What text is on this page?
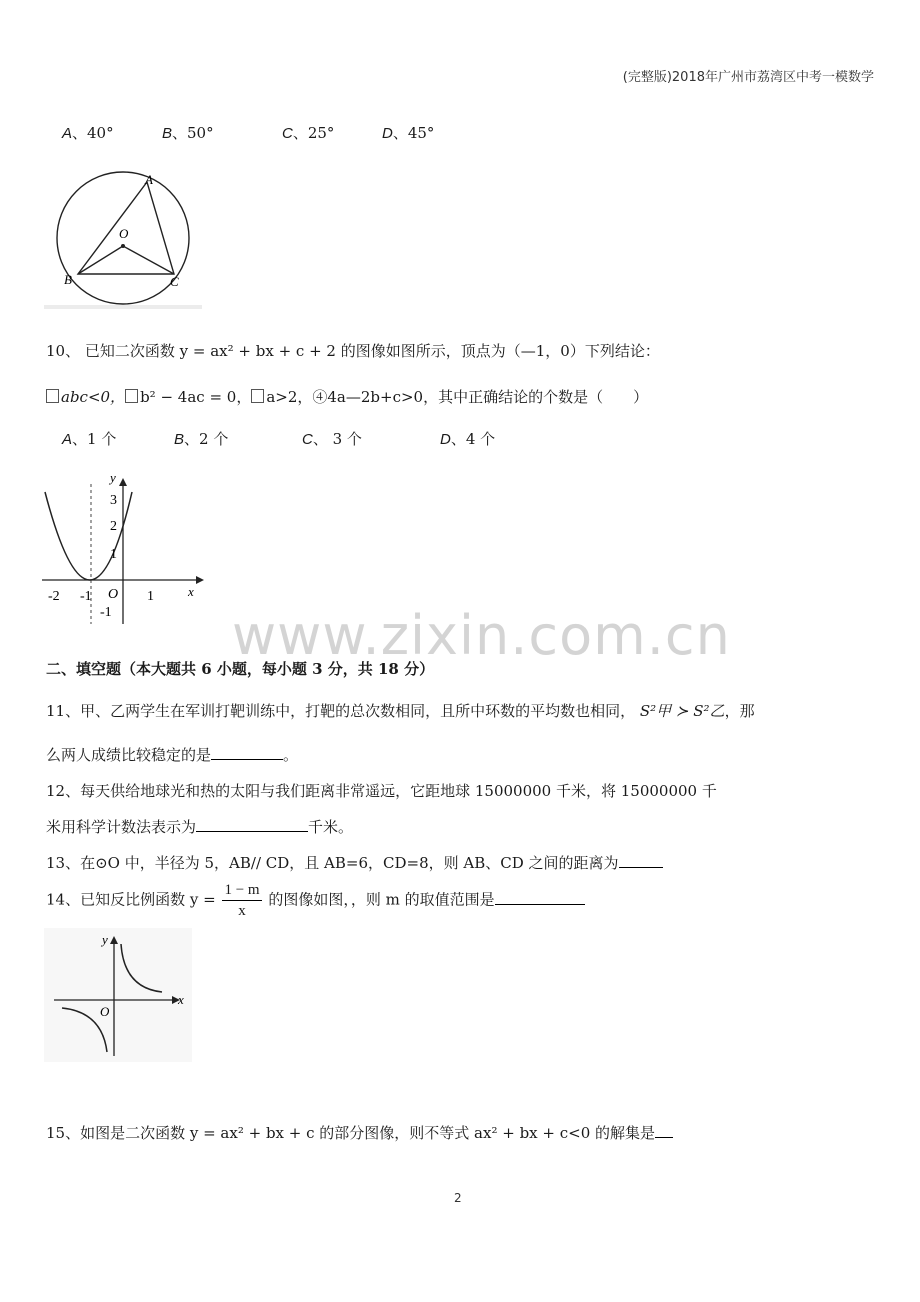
(完整版)2018年广州市荔湾区中考一模数学
A、40°	B、50°	C、25°	D、45°
A
O
B	C
10、 已知二次函数 y = ax² + bx + c + 2 的图像如图所示，顶点为（—1，0）下列结论：
abc<0， b² − 4ac = 0， a>2，④4a—2b+c>0，其中正确结论的个数是（　　）
A、1 个	B、2 个	C、 3 个	D、4 个
y
x
3
2
1
-1
-2 -1	1
O
www.zixin.com.cn
二、填空题（本大题共 6 小题，每小题 3 分，共 18 分）
11、甲、乙两学生在军训打靶训练中，打靶的总次数相同，且所中环数的平均数也相同， S²甲 ≻ S²乙，那
么两人成绩比较稳定的是	。
12、每天供给地球光和热的太阳与我们距离非常遥远，它距地球 15000000 千米，将 15000000 千
米用科学计数法表示为	千米。
13、在⊙O 中，半径为 5，AB// CD，且 AB=6，CD=8，则 AB、CD 之间的距离为
14、已知反比例函数 $y = \frac{1 - m}{x}$ 的图像如图，，则 m 的取值范围是
y
x
O
15、如图是二次函数 y = ax² + bx + c 的部分图像，则不等式 ax² + bx + c<0 的解集是
2
